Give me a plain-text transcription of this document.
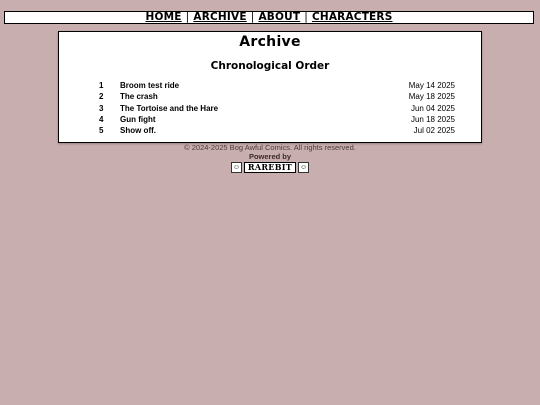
HOME | ARCHIVE | ABOUT | CHARACTERS
Archive
Chronological Order
1 Broom test ride	May 14 2025
2 The crash	May 18 2025
3 The Tortoise and the Hare	Jun 04 2025
4 Gun fight	Jun 18 2025
5 Show off.	Jul 02 2025
© 2024-2025 Bog Awful Comics. All rights reserved.
Powered by
☺ RAREBIT	☺
